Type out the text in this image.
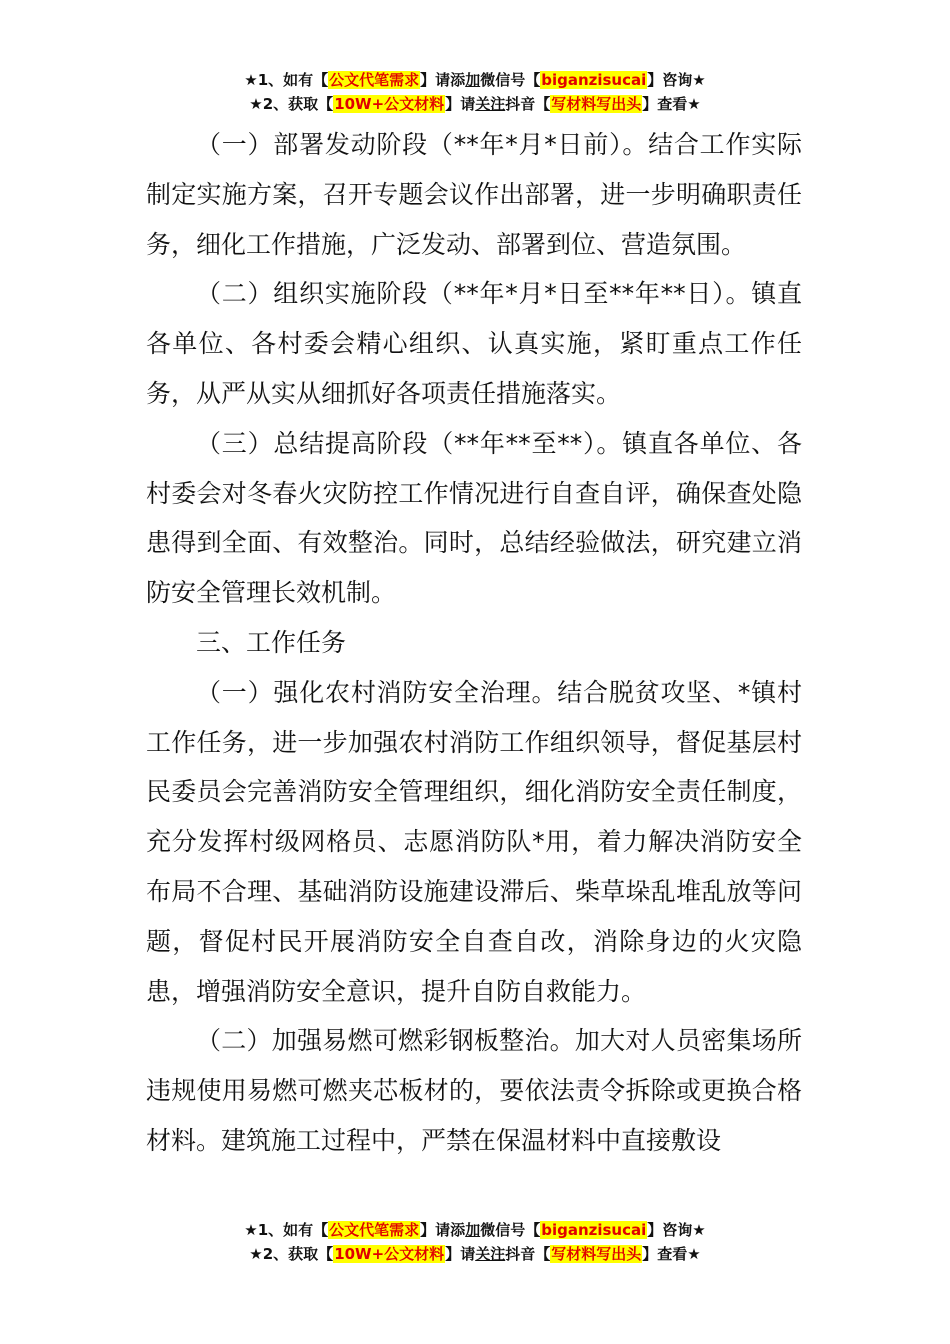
★1、如有【公文代笔需求】请添加微信号【biganzisucai】咨询★
★2、获取【10W+公文材料】请关注抖音【写材料写出头】查看★

（一）部署发动阶段（**年*月*日前）。结合工作实际制定实施方案，召开专题会议作出部署，进一步明确职责任务，细化工作措施，广泛发动、部署到位、营造氛围。

（二）组织实施阶段（**年*月*日至**年**日）。镇直各单位、各村委会精心组织、认真实施，紧盯重点工作任务，从严从实从细抓好各项责任措施落实。

（三）总结提高阶段（**年**至**）。镇直各单位、各村委会对冬春火灾防控工作情况进行自查自评，确保查处隐患得到全面、有效整治。同时，总结经验做法，研究建立消防安全管理长效机制。

三、工作任务

（一）强化农村消防安全治理。结合脱贫攻坚、*镇村工作任务，进一步加强农村消防工作组织领导，督促基层村民委员会完善消防安全管理组织，细化消防安全责任制度，充分发挥村级网格员、志愿消防队*用，着力解决消防安全布局不合理、基础消防设施建设滞后、柴草垛乱堆乱放等问题，督促村民开展消防安全自查自改，消除身边的火灾隐患，增强消防安全意识，提升自防自救能力。

（二）加强易燃可燃彩钢板整治。加大对人员密集场所违规使用易燃可燃夹芯板材的，要依法责令拆除或更换合格材料。建筑施工过程中，严禁在保温材料中直接敷设

★1、如有【公文代笔需求】请添加微信号【biganzisucai】咨询★
★2、获取【10W+公文材料】请关注抖音【写材料写出头】查看★
